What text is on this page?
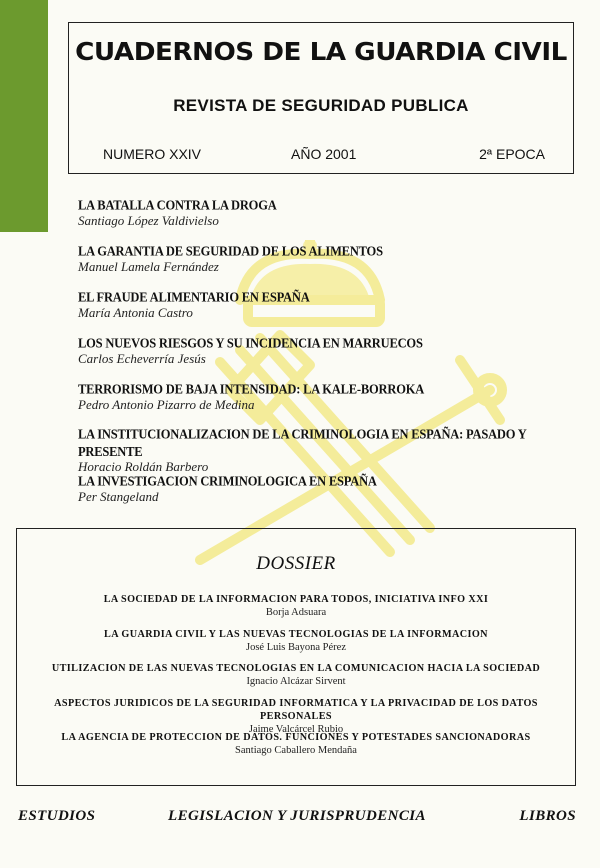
CUADERNOS DE LA GUARDIA CIVIL
REVISTA DE SEGURIDAD PUBLICA
NUMERO XXIV	AÑO 2001	2ª EPOCA
LA BATALLA CONTRA LA DROGA
Santiago López Valdivielso
LA GARANTIA DE SEGURIDAD DE LOS ALIMENTOS
Manuel Lamela Fernández
EL FRAUDE ALIMENTARIO EN ESPAÑA
María Antonia Castro
LOS NUEVOS RIESGOS Y SU INCIDENCIA EN MARRUECOS
Carlos Echeverría Jesús
TERRORISMO DE BAJA INTENSIDAD: LA KALE-BORROKA
Pedro Antonio Pizarro de Medina
LA INSTITUCIONALIZACION DE LA CRIMINOLOGIA EN ESPAÑA: PASADO Y PRESENTE
Horacio Roldán Barbero
LA INVESTIGACION CRIMINOLOGICA EN ESPAÑA
Per Stangeland
DOSSIER
LA SOCIEDAD DE LA INFORMACION PARA TODOS, INICIATIVA INFO XXI
Borja Adsuara
LA GUARDIA CIVIL Y LAS NUEVAS TECNOLOGIAS DE LA INFORMACION
José Luis Bayona Pérez
UTILIZACION DE LAS NUEVAS TECNOLOGIAS EN LA COMUNICACION HACIA LA SOCIEDAD
Ignacio Alcázar Sirvent
ASPECTOS JURIDICOS DE LA SEGURIDAD INFORMATICA Y LA PRIVACIDAD DE LOS DATOS PERSONALES
Jaime Valcárcel Rubio
LA AGENCIA DE PROTECCION DE DATOS. FUNCIONES Y POTESTADES SANCIONADORAS
Santiago Caballero Mendaña
ESTUDIOS	LEGISLACION Y JURISPRUDENCIA	LIBROS
